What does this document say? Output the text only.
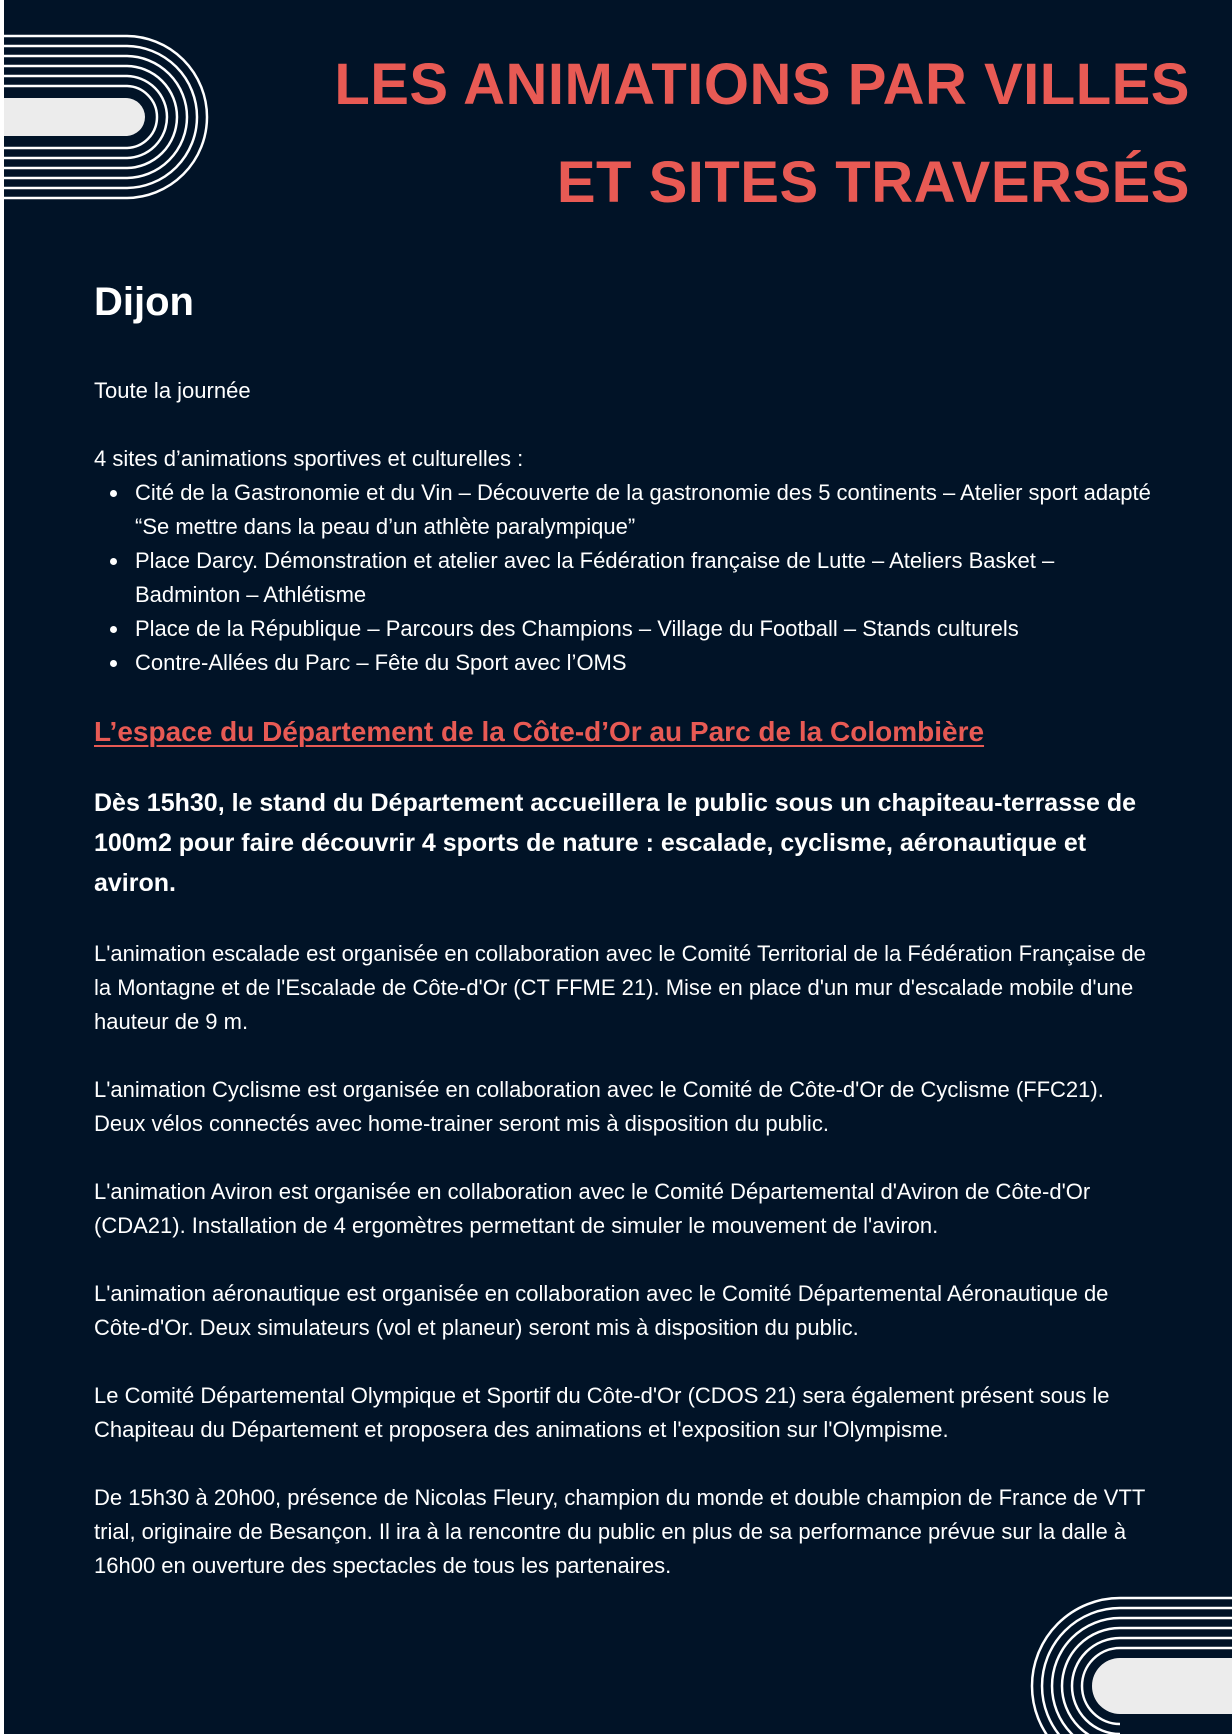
LES ANIMATIONS PAR VILLES
ET SITES TRAVERSÉS
Dijon

Toute la journée

4 sites d’animations sportives et culturelles :

Cité de la Gastronomie et du Vin – Découverte de la gastronomie des 5 continents – Atelier sport adapté “Se mettre dans la peau d’un athlète paralympique”
Place Darcy. Démonstration et atelier avec la Fédération française de Lutte – Ateliers Basket – Badminton – Athlétisme
Place de la République – Parcours des Champions – Village du Football – Stands culturels
Contre-Allées du Parc – Fête du Sport avec l’OMS
L’espace du Département de la Côte-d’Or au Parc de la Colombière

Dès 15h30, le stand du Département accueillera le public sous un chapiteau-terrasse de 100m2 pour faire découvrir 4 sports de nature : escalade, cyclisme, aéronautique et aviron.

L'animation escalade est organisée en collaboration avec le Comité Territorial de la Fédération Française de la Montagne et de l'Escalade de Côte-d'Or (CT FFME 21). Mise en place d'un mur d'escalade mobile d'une hauteur de 9 m.

L'animation Cyclisme est organisée en collaboration avec le Comité de Côte-d'Or de Cyclisme (FFC21). Deux vélos connectés avec home-trainer seront mis à disposition du public.

L'animation Aviron est organisée en collaboration avec le Comité Départemental d'Aviron de Côte-d'Or (CDA21). Installation de 4 ergomètres permettant de simuler le mouvement de l'aviron.

L'animation aéronautique est organisée en collaboration avec le Comité Départemental Aéronautique de Côte-d'Or. Deux simulateurs (vol et planeur) seront mis à disposition du public.

Le Comité Départemental Olympique et Sportif du Côte-d'Or (CDOS 21) sera également présent sous le Chapiteau du Département et proposera des animations et l'exposition sur l'Olympisme.

De 15h30 à 20h00, présence de Nicolas Fleury, champion du monde et double champion de France de VTT trial, originaire de Besançon. Il ira à la rencontre du public en plus de sa performance prévue sur la dalle à 16h00 en ouverture des spectacles de tous les partenaires.
